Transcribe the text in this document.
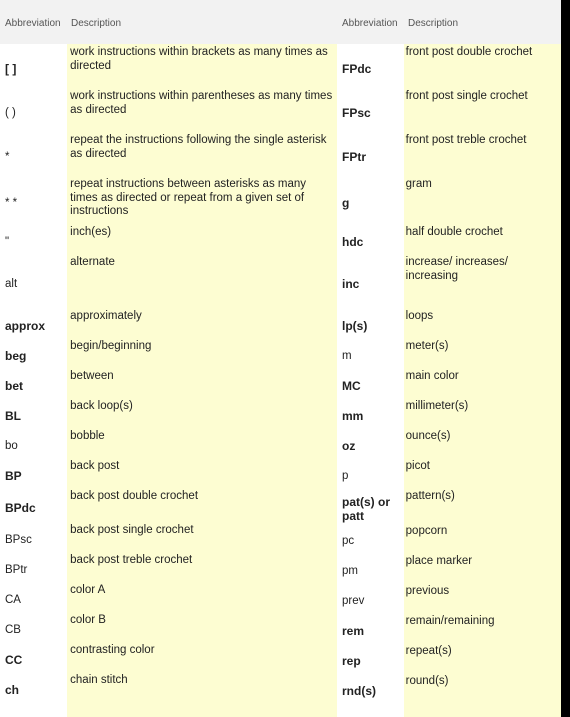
Abbreviation Description
[ ]	work instructions within brackets as many times as directed

( )	work instructions within parentheses as many times as directed

*	repeat the instructions following the single asterisk as directed

* *	repeat instructions between asterisks as many times as directed or repeat from a given set of instructions

"	inch(es)

alt	alternate

approx	approximately

beg	begin/beginning

bet	between

BL	back loop(s)

bo	bobble

BP	back post

BPdc	back post double crochet

BPsc	back post single crochet

BPtr	back post treble crochet

CA	color A

CB	color B

CC	contrasting color

ch	chain stitch
Abbreviation Description
FPdc	front post double crochet

FPsc	front post single crochet

FPtr	front post treble crochet

g	gram

hdc	half double crochet

inc	increase/ increases/ increasing

lp(s)	loops

m	meter(s)

MC	main color

mm	millimeter(s)

oz	ounce(s)

p	picot

pat(s) or patt	pattern(s)

pc	popcorn

pm	place marker

prev	previous

rem	remain/remaining

rep	repeat(s)

rnd(s)	round(s)
